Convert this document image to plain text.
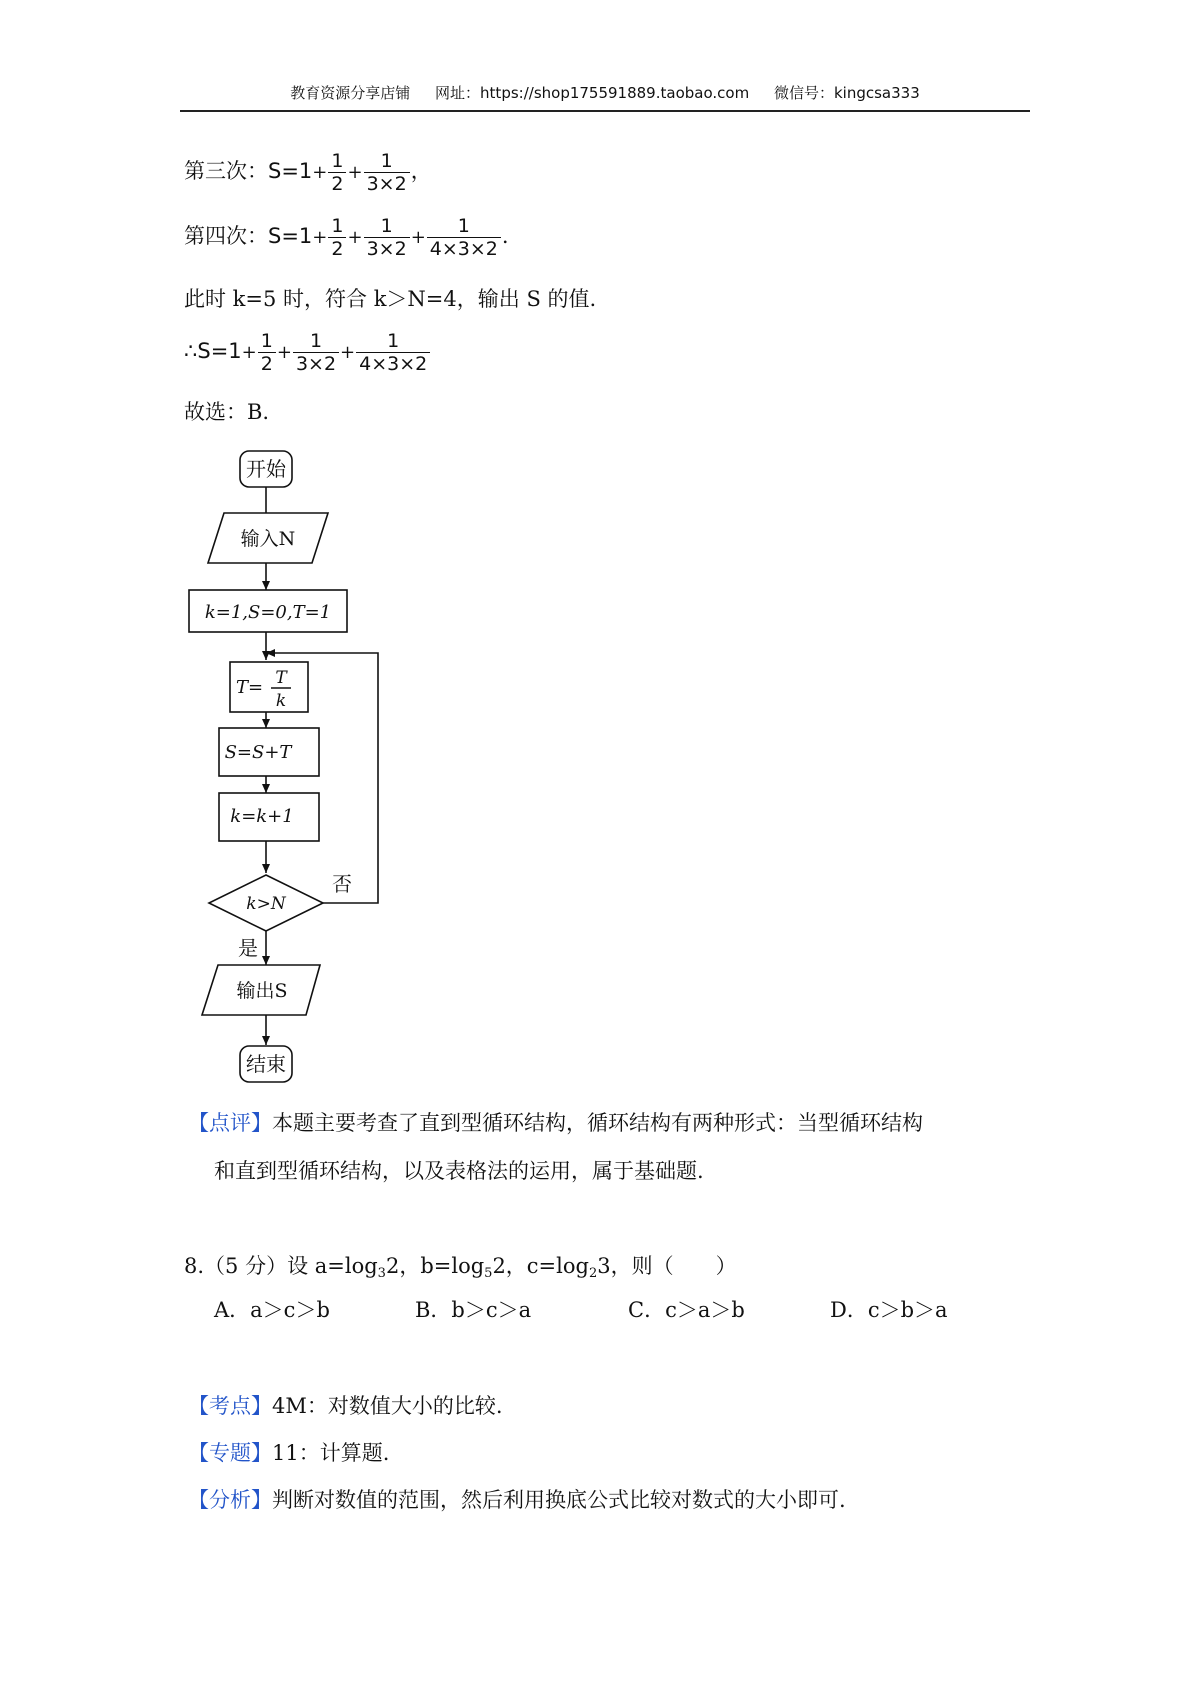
教育资源分享店铺 网址：https://shop175591889.taobao.com 微信号：kingcsa333
第三次：$S=1+ \frac{1}{2} + \frac{1}{3\times 2}$ ，
第四次：$S=1+ \frac{1}{2} + \frac{1}{3\times 2} + \frac{1}{4\times 3\times 2}$ .
此时 k=5 时，符合 k＞N=4，输出 S 的值.
∴S=1+ $\frac{1}{2} + \frac{1}{3\times 2} + \frac{1}{4\times 3\times 2}$
故选：B.
开始
输入N
k=1,S=0,T=1
T= T
k
S=S+T
k=k+1
k>N
否
是
输出S
结束
【点评】本题主要考查了直到型循环结构，循环结构有两种形式：当型循环结构
和直到型循环结构，以及表格法的运用，属于基础题.
8.（5 分）设 $a=\log_32$，$b=\log_52$，$c=\log_23$，则（　　）
A．a＞c＞b	B．b＞c＞a	C．c＞a＞b	D．c＞b＞a
【考点】4M：对数值大小的比较.
【专题】11：计算题.
【分析】判断对数值的范围，然后利用换底公式比较对数式的大小即可.
